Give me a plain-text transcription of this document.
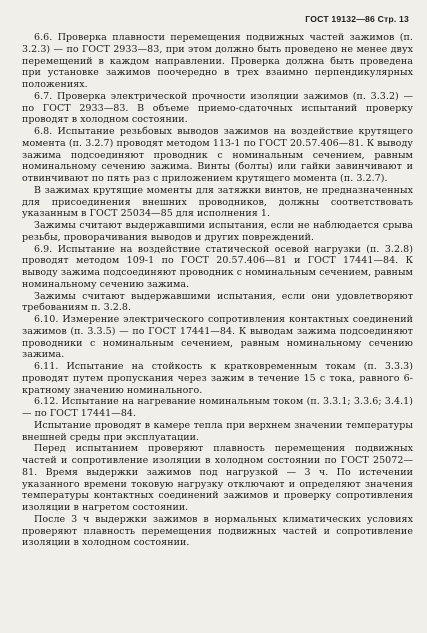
ГОСТ 19132—86 Стр. 13

6.6. Проверка плавности перемещения подвижных частей зажимов (п. 3.2.3) — по ГОСТ 2933—83, при этом должно быть проведено не менее двух перемещений в каждом направлении. Проверка должна быть проведена при установке зажимов поочередно в трех взаимно перпендикулярных положениях.

6.7. Проверка электрической прочности изоляции зажимов (п. 3.3.2) — по ГОСТ 2933—83. В объеме приемо-сдаточных испытаний проверку проводят в холодном состоянии.

6.8. Испытание резьбовых выводов зажимов на воздействие крутящего момента (п. 3.2.7) проводят методом 113-1 по ГОСТ 20.57.406—81. К выводу зажима подсоединяют проводник с номинальным сечением, равным номинальному сечению зажима. Винты (болты) или гайки завинчивают и отвинчивают по пять раз с приложением крутящего момента (п. 3.2.7).

В зажимах крутящие моменты для затяжки винтов, не предназначенных для присоединения внешних проводников, должны соответствовать указанным в ГОСТ 25034—85 для исполнения 1.

Зажимы считают выдержавшими испытания, если не наблюдается срыва резьбы, проворачивания выводов и других повреждений.

6.9. Испытание на воздействие статической осевой нагрузки (п. 3.2.8) проводят методом 109-1 по ГОСТ 20.57.406—81 и ГОСТ 17441—84. К выводу зажима подсоединяют проводник с номинальным сечением, равным номинальному сечению зажима.

Зажимы считают выдержавшими испытания, если они удовлетворяют требованиям п. 3.2.8.

6.10. Измерение электрического сопротивления контактных соединений зажимов (п. 3.3.5) — по ГОСТ 17441—84. К выводам зажима подсоединяют проводники с номинальным сечением, равным номинальному сечению зажима.

6.11. Испытание на стойкость к кратковременным токам (п. 3.3.3) проводят путем пропускания через зажим в течение 15 с тока, равного 6-кратному значению номинального.

6.12. Испытание на нагревание номинальным током (п. 3.3.1; 3.3.6; 3.4.1) — по ГОСТ 17441—84.

Испытание проводят в камере тепла при верхнем значении температуры внешней среды при эксплуатации.

Перед испытанием проверяют плавность перемещения подвижных частей и сопротивление изоляции в холодном состоянии по ГОСТ 25072—81. Время выдержки зажимов под нагрузкой — 3 ч. По истечении указанного времени токовую нагрузку отключают и определяют значения температуры контактных соединений зажимов и проверку сопротивления изоляции в нагретом состоянии.

После 3 ч выдержки зажимов в нормальных климатических условиях проверяют плавность перемещения подвижных частей и сопротивление изоляции в холодном состоянии.
